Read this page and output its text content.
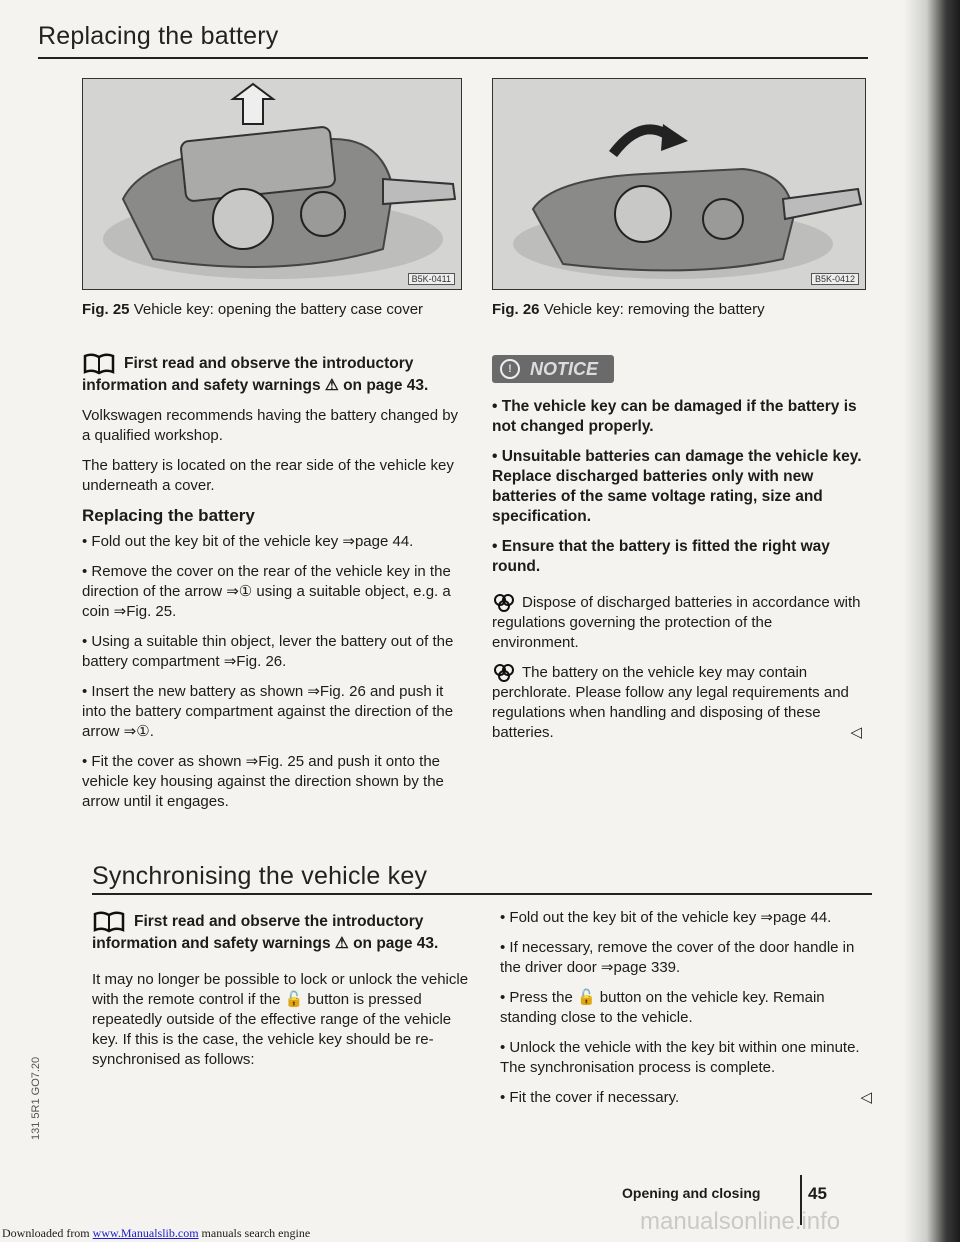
Replacing the battery
B5K-0411
Fig. 25 Vehicle key: opening the battery case cover
B5K-0412
Fig. 26 Vehicle key: removing the battery

First read and observe the introductory information and safety warnings ⚠ on page 43.

Volkswagen recommends having the battery changed by a qualified workshop.

The battery is located on the rear side of the vehicle key underneath a cover.

Replacing the battery

• Fold out the key bit of the vehicle key ⇒page 44.

• Remove the cover on the rear of the vehicle key in the direction of the arrow ⇒① using a suitable object, e.g. a coin ⇒Fig. 25.

• Using a suitable thin object, lever the battery out of the battery compartment ⇒Fig. 26.

• Insert the new battery as shown ⇒Fig. 26 and push it into the battery compartment against the direction of the arrow ⇒①.

• Fit the cover as shown ⇒Fig. 25 and push it onto the vehicle key housing against the direction shown by the arrow until it engages.

!	NOTICE

• The vehicle key can be damaged if the battery is not changed properly.

• Unsuitable batteries can damage the vehicle key. Replace discharged batteries only with new batteries of the same voltage rating, size and specification.

• Ensure that the battery is fitted the right way round.

Dispose of discharged batteries in accordance with regulations governing the protection of the environment.

The battery on the vehicle key may contain perchlorate. Please follow any legal requirements and regulations when handling and disposing of these batteries.	◁

Synchronising the vehicle key

First read and observe the introductory information and safety warnings ⚠ on page 43.

It may no longer be possible to lock or unlock the vehicle with the remote control if the 🔓 button is pressed repeatedly outside of the effective range of the vehicle key. If this is the case, the vehicle key should be re-synchronised as follows:

• Fold out the key bit of the vehicle key ⇒page 44.

• If necessary, remove the cover of the door handle in the driver door ⇒page 339.

• Press the 🔓 button on the vehicle key. Remain standing close to the vehicle.

• Unlock the vehicle with the key bit within one minute. The synchronisation process is complete.

• Fit the cover if necessary.	◁

131 5R1 GO7.20
Opening and closing	45
manualsonline.info
Downloaded from www.Manualslib.com manuals search engine
